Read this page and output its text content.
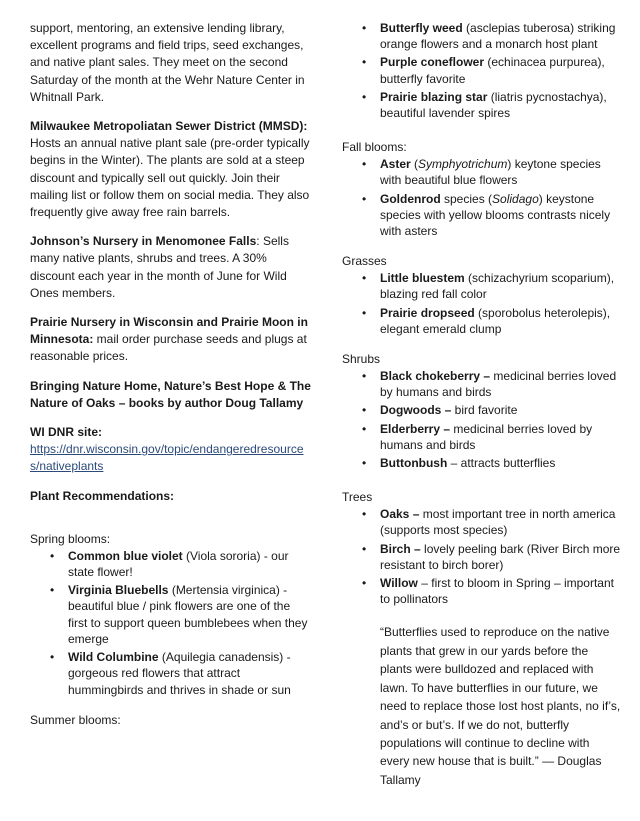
support, mentoring, an extensive lending library, excellent programs and field trips, seed exchanges, and native plant sales. They meet on the second Saturday of the month at the Wehr Nature Center in Whitnall Park.

Milwaukee Metropoliatan Sewer District (MMSD): Hosts an annual native plant sale (pre-order typically begins in the Winter). The plants are sold at a steep discount and typically sell out quickly. Join their mailing list or follow them on social media. They also frequently give away free rain barrels.

Johnson’s Nursery in Menomonee Falls: Sells many native plants, shrubs and trees. A 30% discount each year in the month of June for Wild Ones members.

Prairie Nursery in Wisconsin and Prairie Moon in Minnesota: mail order purchase seeds and plugs at reasonable prices.

Bringing Nature Home, Nature’s Best Hope & The Nature of Oaks – books by author Doug Tallamy

WI DNR site:

https://dnr.wisconsin.gov/topic/endangeredresources/nativeplants

Plant Recommendations:

Spring blooms:

• Common blue violet (Viola sororia) - our state flower!
• Virginia Bluebells (Mertensia virginica) - beautiful blue / pink flowers are one of the first to support queen bumblebees when they emerge
• Wild Columbine (Aquilegia canadensis) - gorgeous red flowers that attract hummingbirds and thrives in shade or sun

Summer blooms:

• Butterfly weed (asclepias tuberosa) striking orange flowers and a monarch host plant
• Purple coneflower (echinacea purpurea), butterfly favorite
• Prairie blazing star (liatris pycnostachya), beautiful lavender spires

Fall blooms:

• Aster (Symphyotrichum) keytone species with beautiful blue flowers
• Goldenrod species (Solidago) keystone species with yellow blooms contrasts nicely with asters

Grasses

• Little bluestem (schizachyrium scoparium), blazing red fall color
• Prairie dropseed (sporobolus heterolepis), elegant emerald clump

Shrubs

• Black chokeberry – medicinal berries loved by humans and birds
• Dogwoods – bird favorite
• Elderberry – medicinal berries loved by humans and birds
• Buttonbush – attracts butterflies

Trees

• Oaks – most important tree in north america (supports most species)
• Birch – lovely peeling bark (River Birch more resistant to birch borer)
• Willow – first to bloom in Spring – important to pollinators

“Butterflies used to reproduce on the native plants that grew in our yards before the plants were bulldozed and replaced with lawn. To have butterflies in our future, we need to replace those lost host plants, no if’s, and’s or but’s. If we do not, butterfly populations will continue to decline with every new house that is built.” — Douglas Tallamy
